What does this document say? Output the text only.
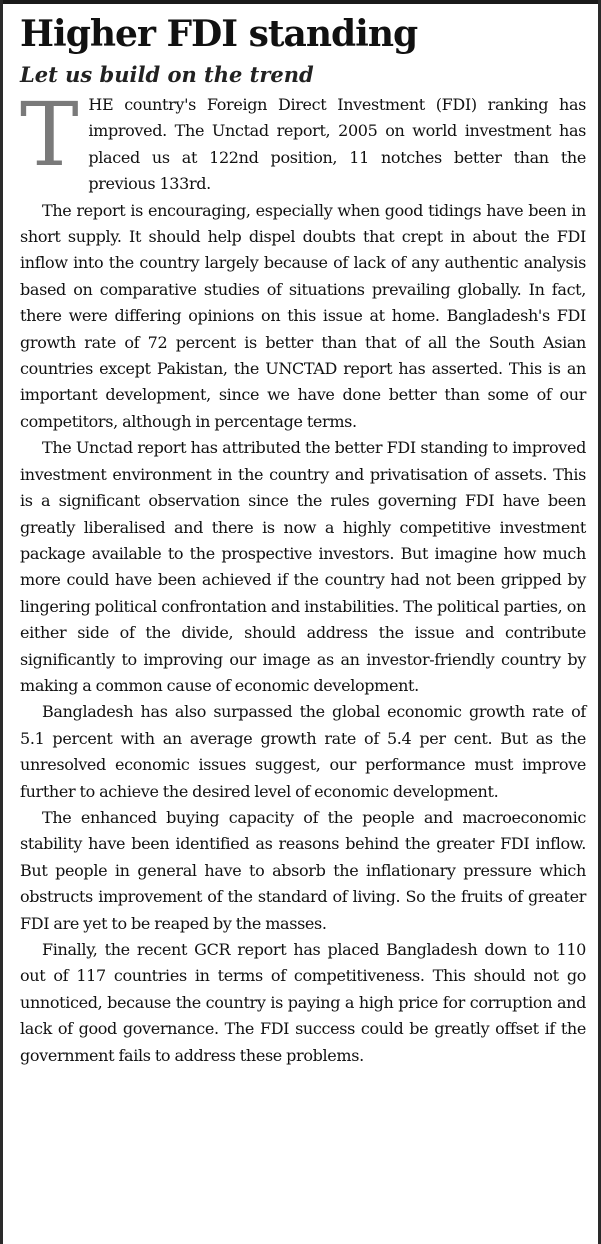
Higher FDI standing
Let us build on the trend

THE country's Foreign Direct Investment (FDI) ranking has improved. The Unctad report, 2005 on world investment has placed us at 122nd position, 11 notches better than the previous 133rd.

The report is encouraging, especially when good tidings have been in short supply. It should help dispel doubts that crept in about the FDI inflow into the country largely because of lack of any authentic analysis based on comparative studies of situations prevailing globally. In fact, there were differing opinions on this issue at home. Bangladesh's FDI growth rate of 72 percent is better than that of all the South Asian countries except Pakistan, the UNCTAD report has asserted. This is an important development, since we have done better than some of our competitors, although in percentage terms.

The Unctad report has attributed the better FDI standing to improved investment environment in the country and privatisation of assets. This is a significant observation since the rules governing FDI have been greatly liberalised and there is now a highly competitive investment package available to the prospective investors. But imagine how much more could have been achieved if the country had not been gripped by lingering political confrontation and instabilities. The political parties, on either side of the divide, should address the issue and contribute significantly to improving our image as an investor-friendly country by making a common cause of economic development.

Bangladesh has also surpassed the global economic growth rate of 5.1 percent with an average growth rate of 5.4 per cent. But as the unresolved economic issues suggest, our performance must improve further to achieve the desired level of economic development.

The enhanced buying capacity of the people and macroeconomic stability have been identified as reasons behind the greater FDI inflow. But people in general have to absorb the inflationary pressure which obstructs improvement of the standard of living. So the fruits of greater FDI are yet to be reaped by the masses.

Finally, the recent GCR report has placed Bangladesh down to 110 out of 117 countries in terms of competitiveness. This should not go unnoticed, because the country is paying a high price for corruption and lack of good governance. The FDI success could be greatly offset if the government fails to address these problems.
